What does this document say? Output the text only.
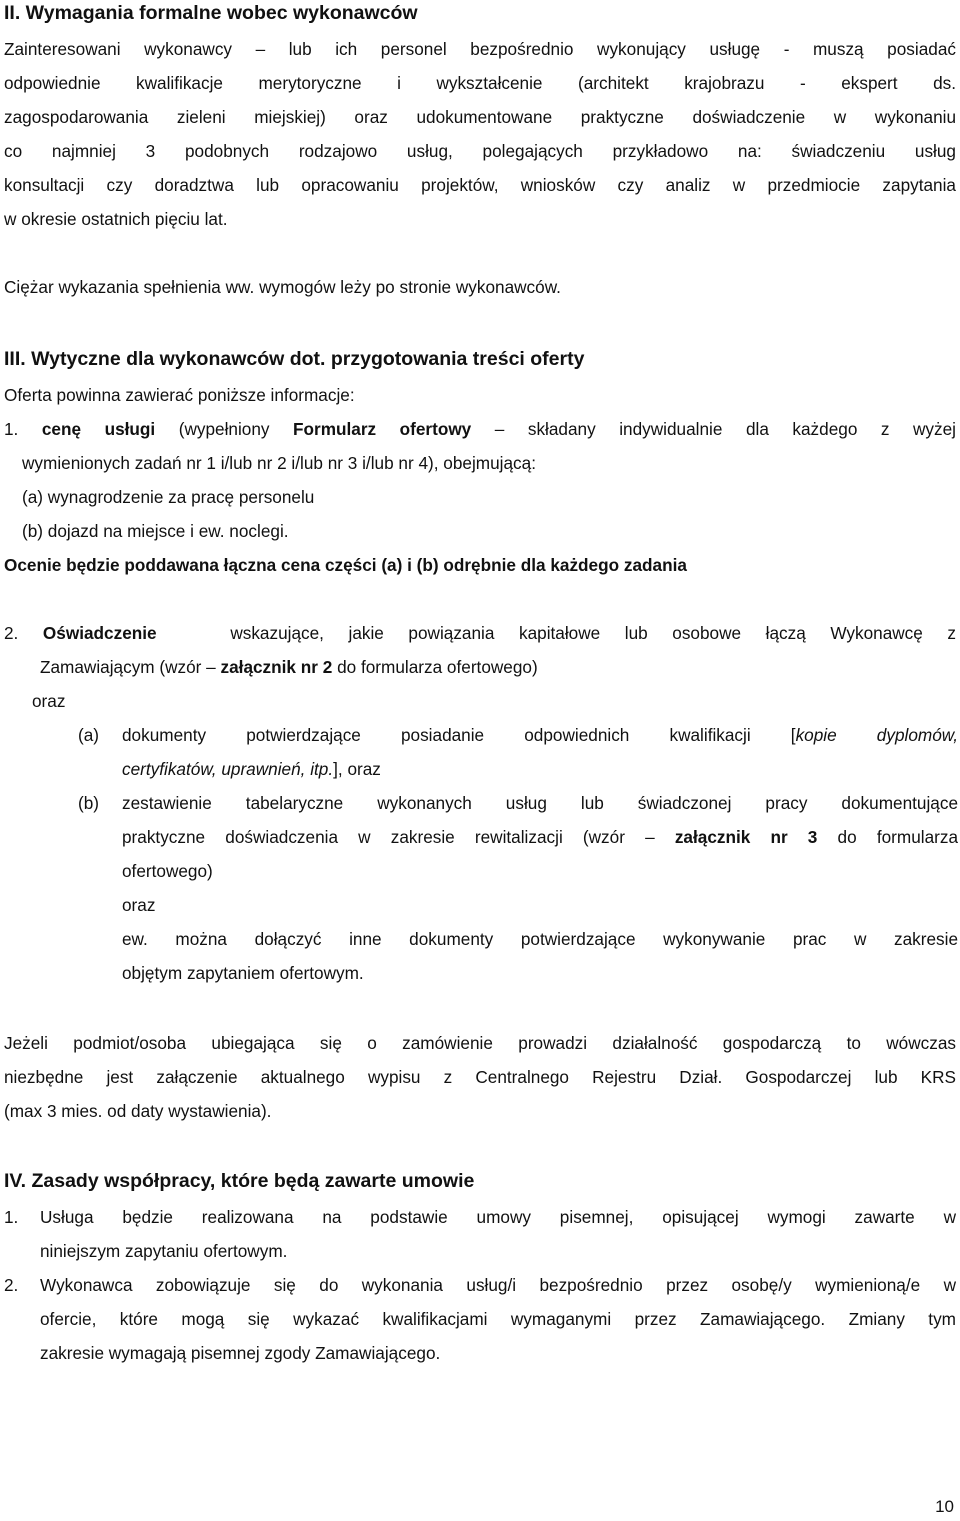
II. Wymagania formalne wobec wykonawców
Zainteresowani wykonawcy – lub ich personel bezpośrednio wykonujący usługę - muszą posiadać
odpowiednie kwalifikacje merytoryczne i wykształcenie (architekt krajobrazu - ekspert ds.
zagospodarowania zieleni miejskiej) oraz udokumentowane praktyczne doświadczenie w wykonaniu
co najmniej 3 podobnych rodzajowo usług, polegających przykładowo na: świadczeniu usług
konsultacji czy doradztwa lub opracowaniu projektów, wniosków czy analiz w przedmiocie zapytania
w okresie ostatnich pięciu lat.
Ciężar wykazania spełnienia ww. wymogów leży po stronie wykonawców.
III. Wytyczne dla wykonawców dot. przygotowania treści oferty
Oferta powinna zawierać poniższe informacje:
1. cenę usługi (wypełniony Formularz ofertowy – składany indywidualnie dla każdego z wyżej
wymienionych zadań nr 1 i/lub nr 2 i/lub nr 3 i/lub nr 4), obejmującą:
(a) wynagrodzenie za pracę personelu
(b) dojazd na miejsce i ew. noclegi.
Ocenie będzie poddawana łączna cena części (a) i (b) odrębnie dla każdego zadania
2. Oświadczenie	wskazujące, jakie powiązania kapitałowe lub osobowe łączą Wykonawcę z
Zamawiającym (wzór – załącznik nr 2 do formularza ofertowego)
oraz
(a) dokumenty potwierdzające posiadanie odpowiednich kwalifikacji [kopie dyplomów,
certyfikatów, uprawnień, itp.], oraz
(b) zestawienie tabelaryczne wykonanych usług lub świadczonej pracy dokumentujące
praktyczne doświadczenia w zakresie rewitalizacji (wzór – załącznik nr 3 do formularza
ofertowego)
oraz
ew. można dołączyć inne dokumenty potwierdzające wykonywanie prac w zakresie
objętym zapytaniem ofertowym.
Jeżeli podmiot/osoba ubiegająca się o zamówienie prowadzi działalność gospodarczą to wówczas
niezbędne jest załączenie aktualnego wypisu z Centralnego Rejestru Dział. Gospodarczej lub KRS
(max 3 mies. od daty wystawienia).
IV. Zasady współpracy, które będą zawarte umowie
1.	Usługa będzie realizowana na podstawie umowy pisemnej, opisującej wymogi zawarte w
niniejszym zapytaniu ofertowym.
2.	Wykonawca zobowiązuje się do wykonania usług/i bezpośrednio przez osobę/y wymienioną/e w
ofercie, które mogą się wykazać kwalifikacjami wymaganymi przez Zamawiającego. Zmiany tym
zakresie wymagają pisemnej zgody Zamawiającego.
10
